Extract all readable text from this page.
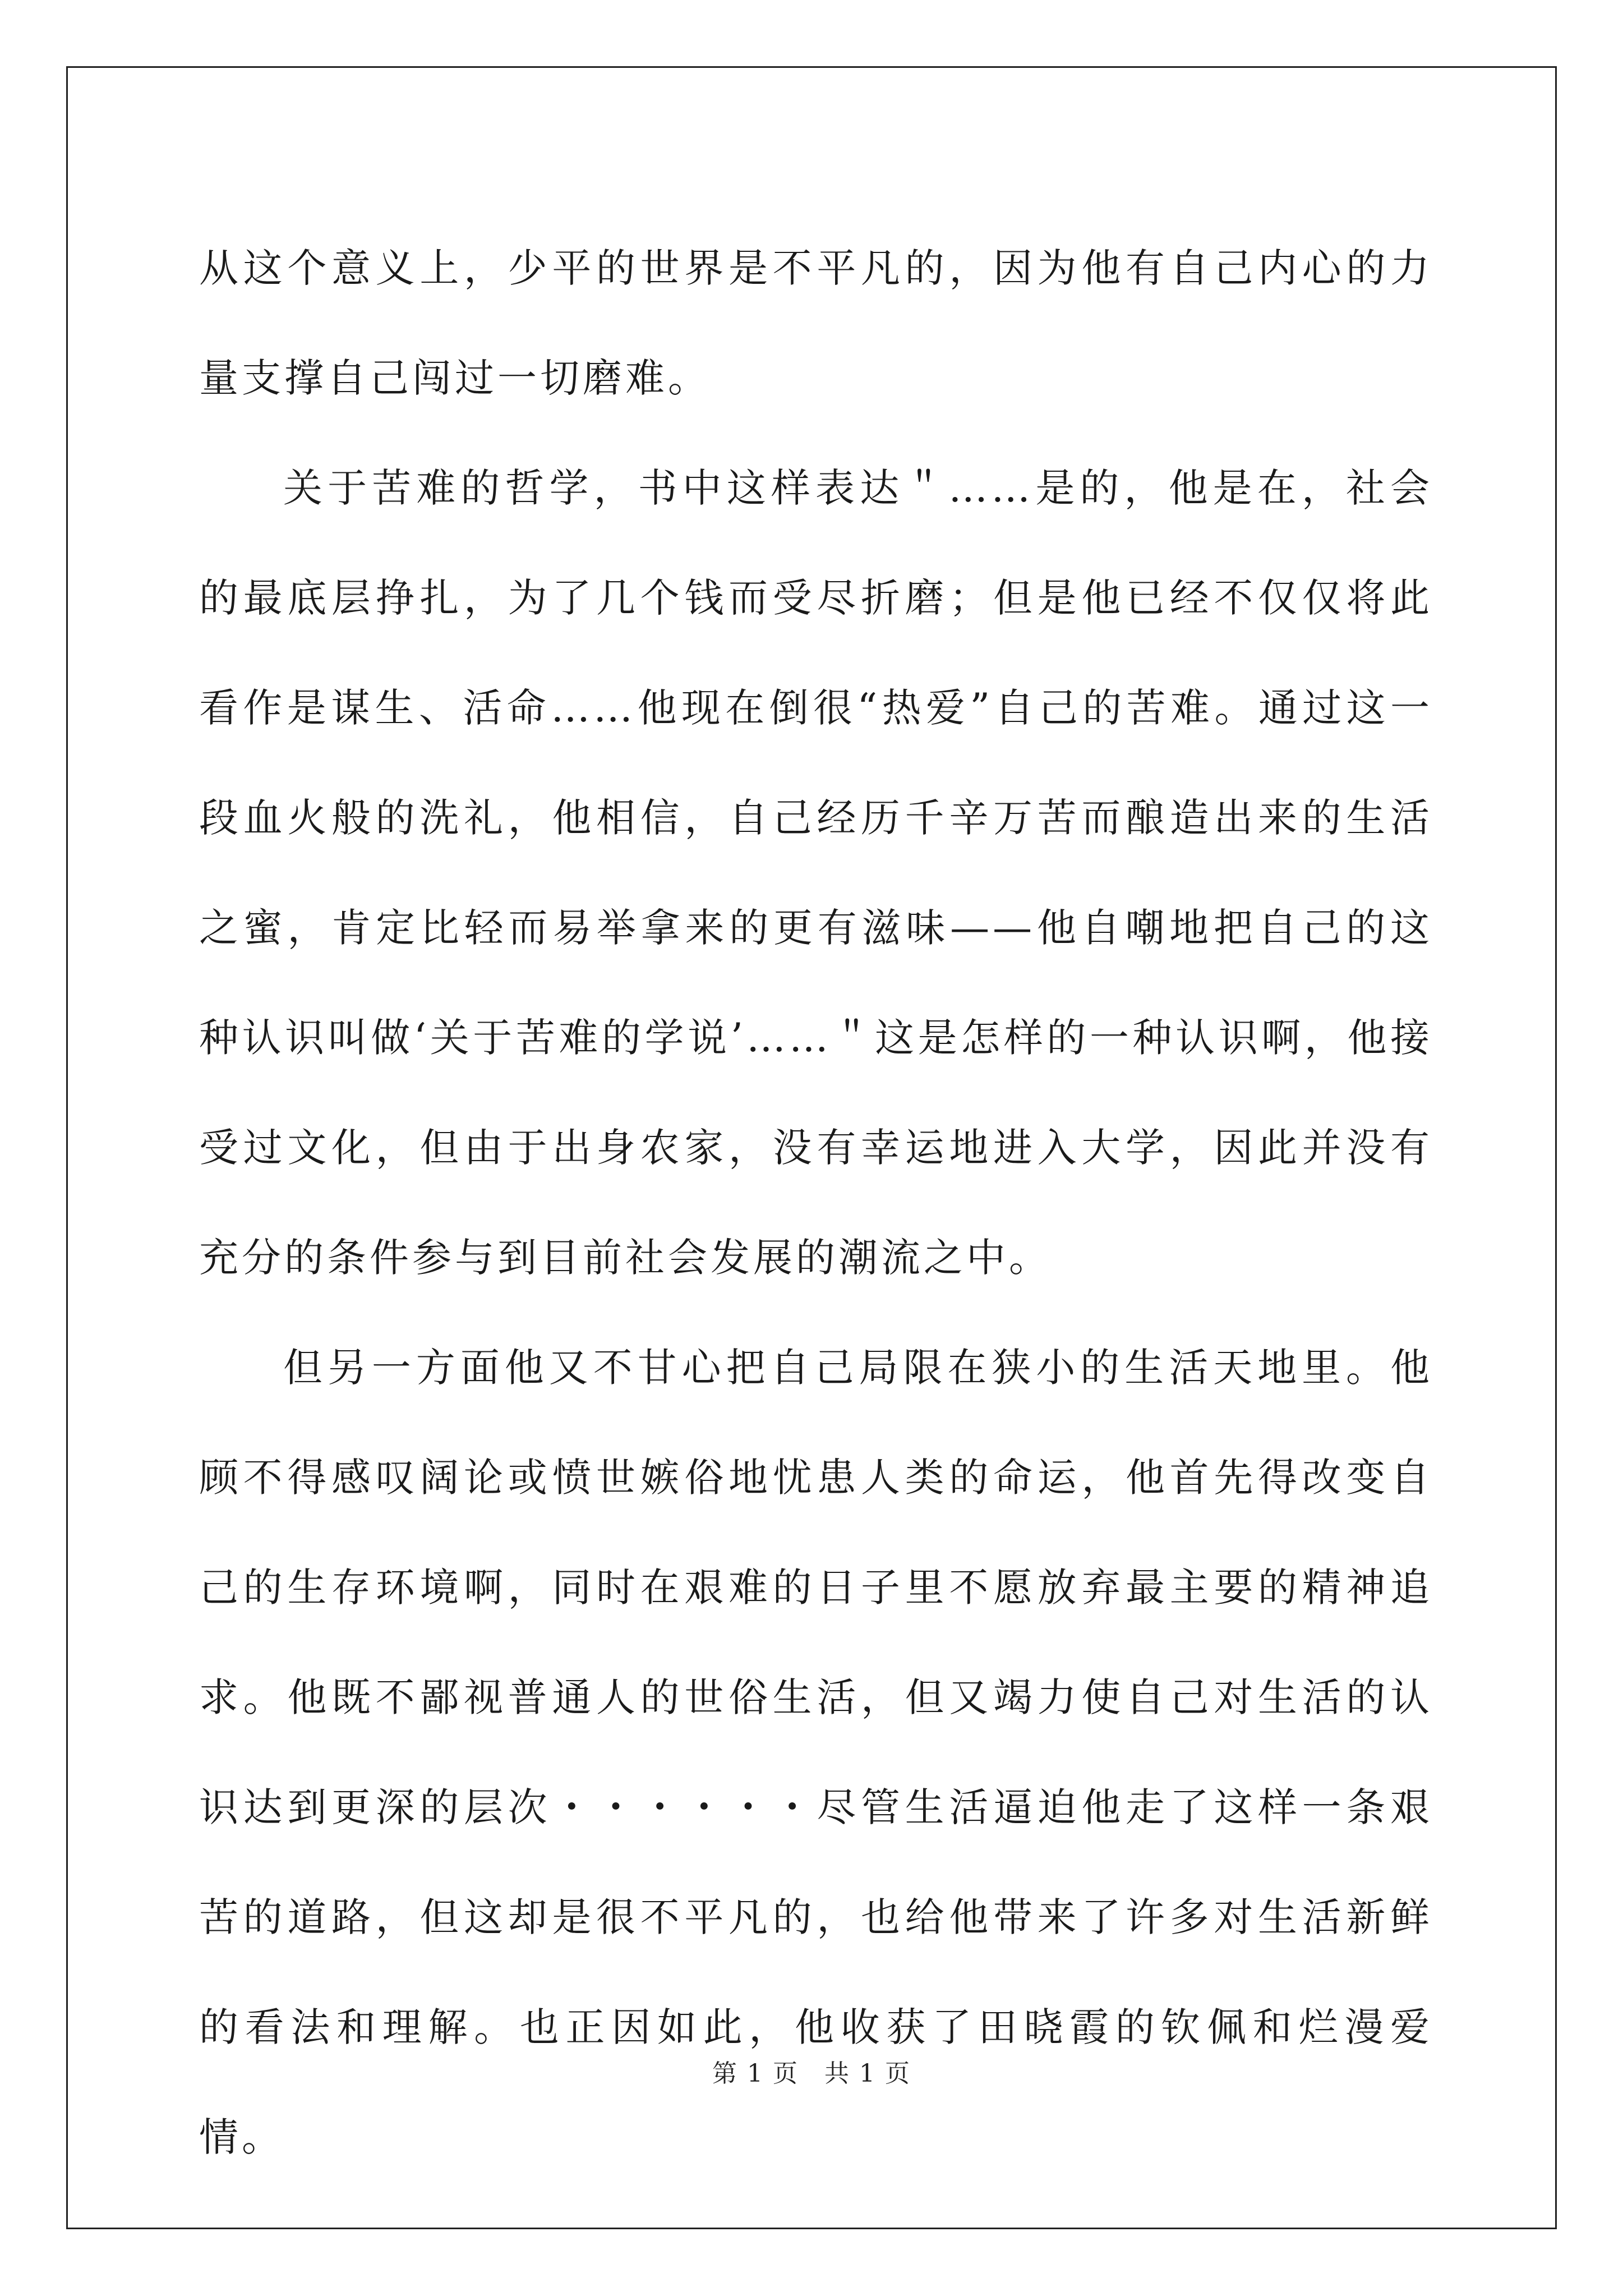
从这个意义上，少平的世界是不平凡的，因为他有自己内心的力量支撑自己闯过一切磨难。

关于苦难的哲学，书中这样表达＂……是的，他是在，社会的最底层挣扎，为了几个钱而受尽折磨；但是他已经不仅仅将此看作是谋生、活命……他现在倒很“热爱”自己的苦难。通过这一段血火般的洗礼，他相信，自己经历千辛万苦而酿造出来的生活之蜜，肯定比轻而易举拿来的更有滋味——他自嘲地把自己的这种认识叫做‘关于苦难的学说’……＂这是怎样的一种认识啊，他接受过文化，但由于出身农家，没有幸运地进入大学，因此并没有充分的条件参与到目前社会发展的潮流之中。

但另一方面他又不甘心把自己局限在狭小的生活天地里。他顾不得感叹阔论或愤世嫉俗地忧患人类的命运，他首先得改变自己的生存环境啊，同时在艰难的日子里不愿放弃最主要的精神追求。他既不鄙视普通人的世俗生活，但又竭力使自己对生活的认识达到更深的层次・・・・・・尽管生活逼迫他走了这样一条艰苦的道路，但这却是很不平凡的，也给他带来了许多对生活新鲜的看法和理解。也正因如此，他收获了田晓霞的钦佩和烂漫爱情。

第 1 页　共 1 页
